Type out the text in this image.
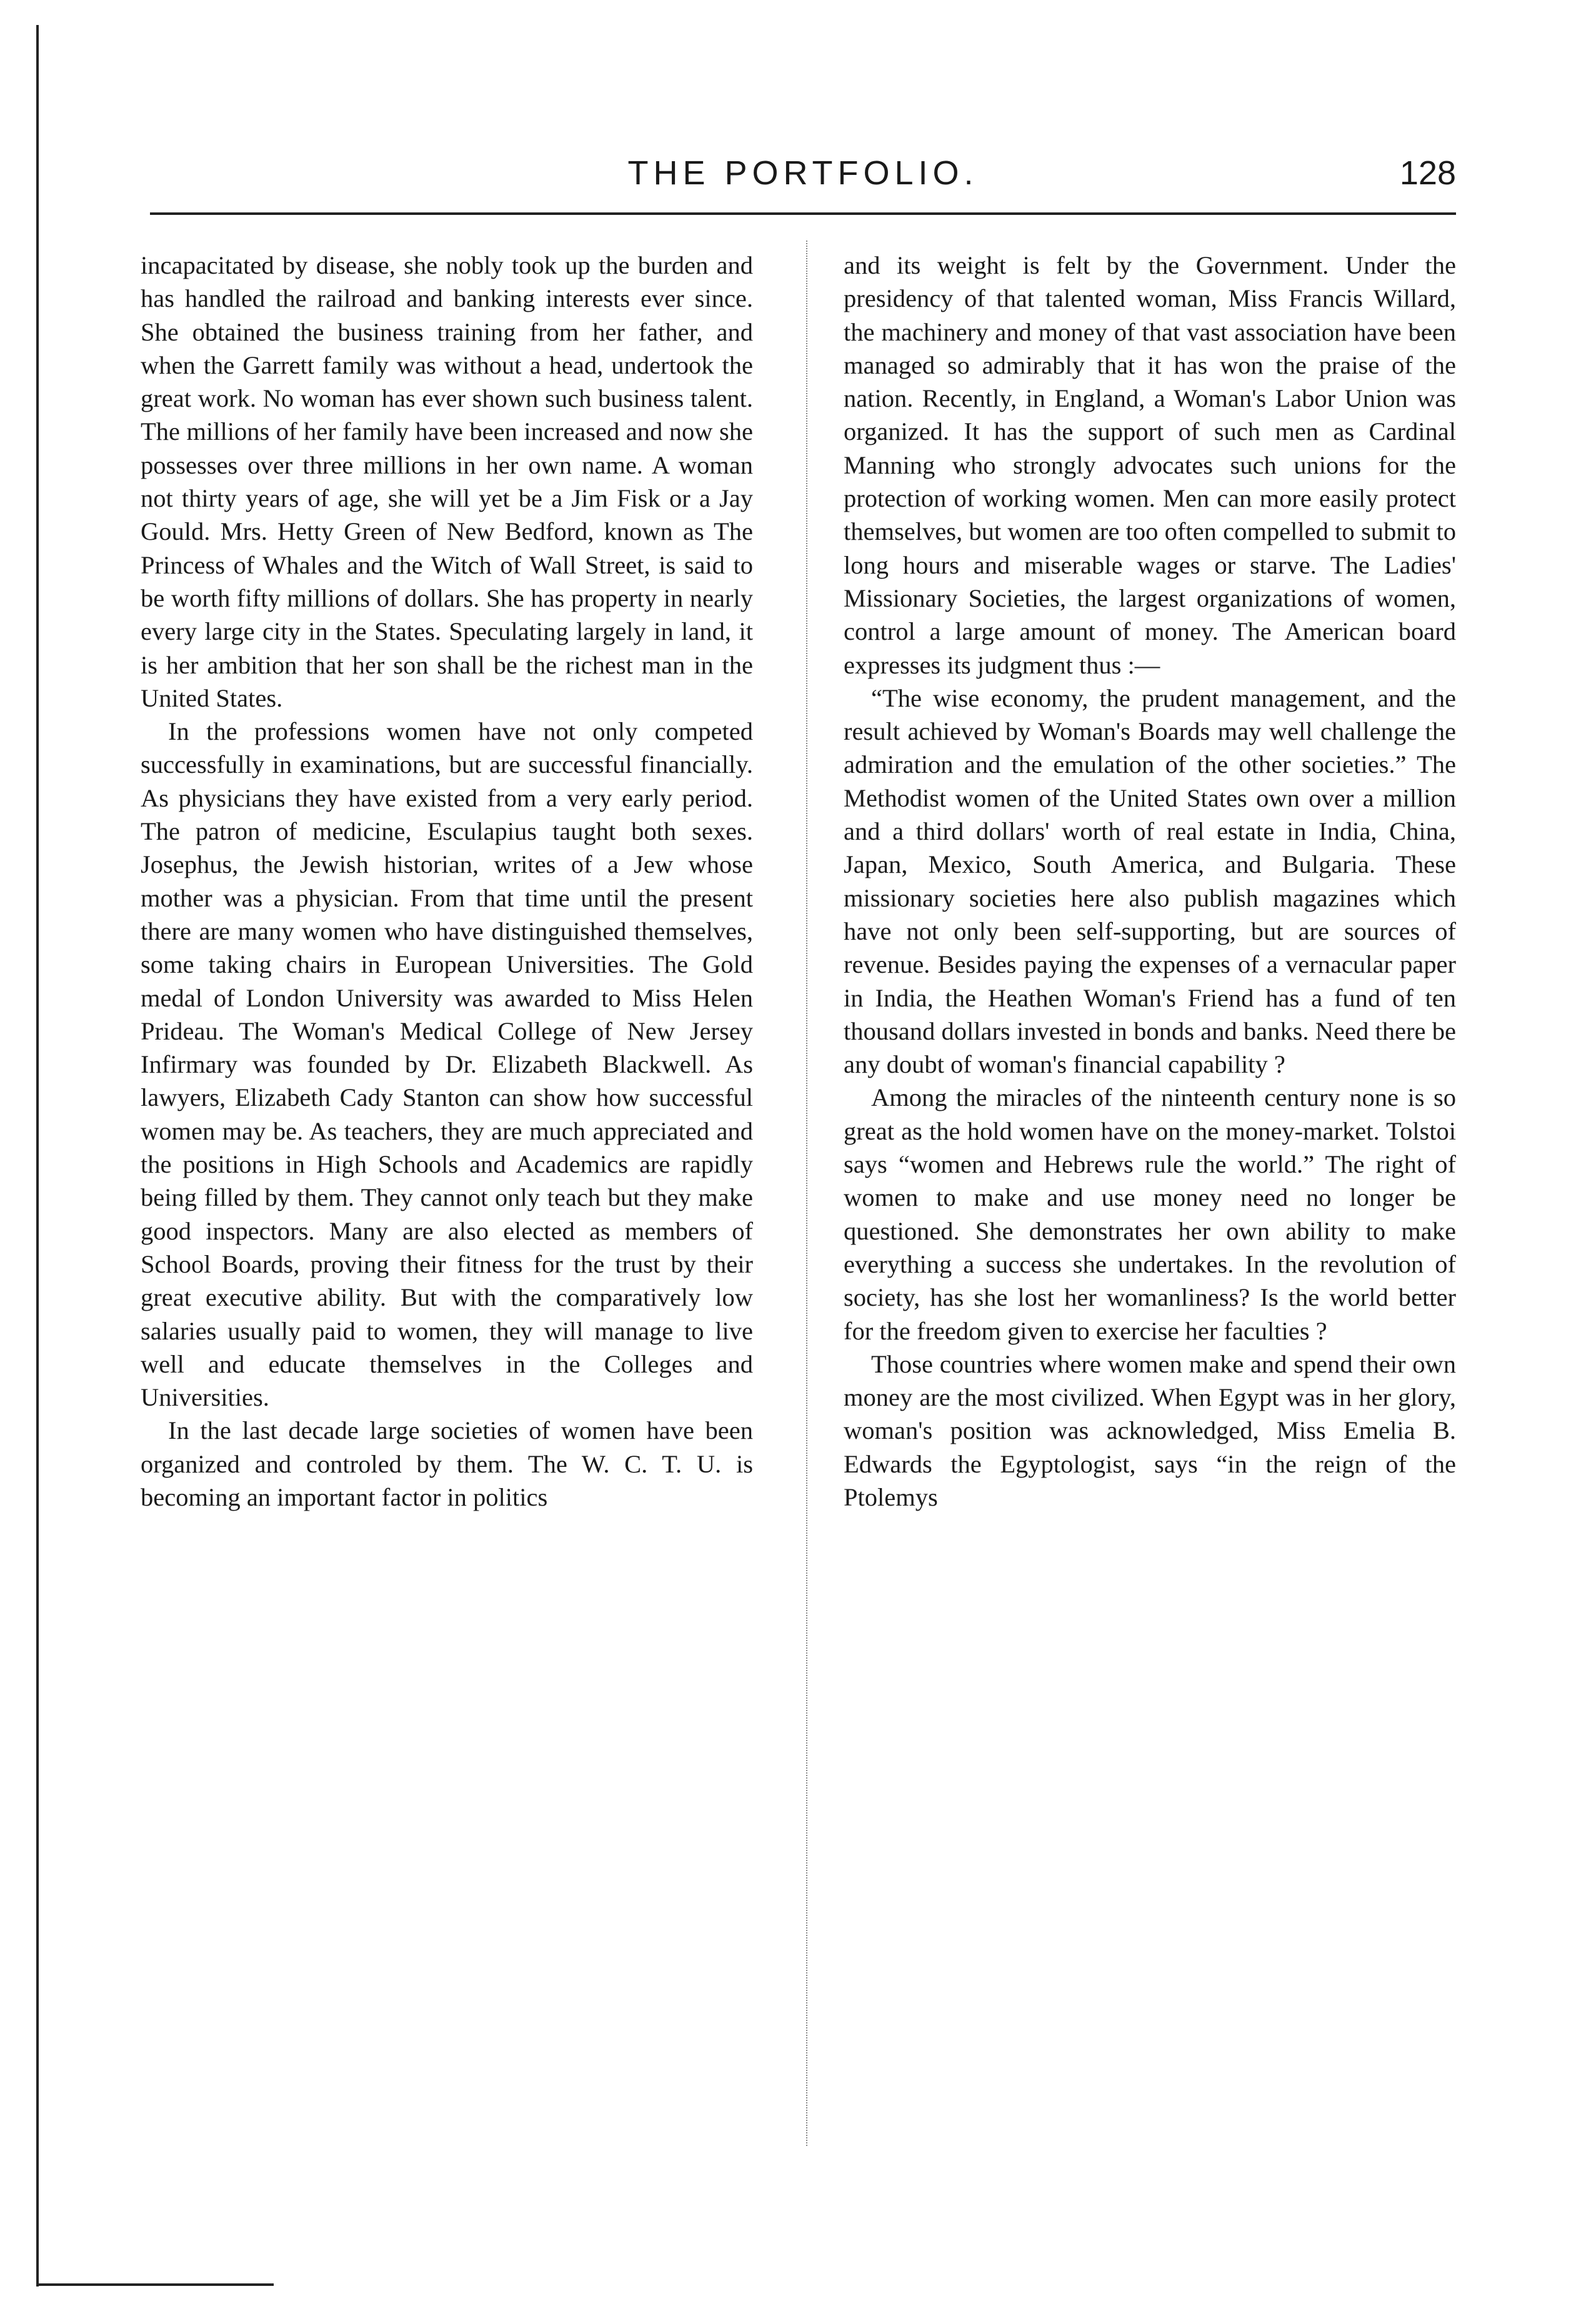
THE PORTFOLIO.	128

incapacitated by disease, she nobly took up the burden and has handled the railroad and banking interests ever since. She obtained the business training from her father, and when the Garrett family was without a head, undertook the great work. No woman has ever shown such business talent. The millions of her family have been increased and now she possesses over three millions in her own name. A woman not thirty years of age, she will yet be a Jim Fisk or a Jay Gould. Mrs. Hetty Green of New Bedford, known as The Princess of Whales and the Witch of Wall Street, is said to be worth fifty millions of dollars. She has property in nearly every large city in the States. Speculating largely in land, it is her ambition that her son shall be the richest man in the United States.

In the professions women have not only competed successfully in examinations, but are successful financially. As physicians they have existed from a very early period. The patron of medicine, Esculapius taught both sexes. Josephus, the Jewish historian, writes of a Jew whose mother was a physician. From that time until the present there are many women who have distinguished themselves, some taking chairs in European Universities. The Gold medal of London University was awarded to Miss Helen Prideau. The Woman's Medical College of New Jersey Infirmary was founded by Dr. Elizabeth Blackwell. As lawyers, Elizabeth Cady Stanton can show how successful women may be. As teachers, they are much appreciated and the positions in High Schools and Academics are rapidly being filled by them. They cannot only teach but they make good inspectors. Many are also elected as members of School Boards, proving their fitness for the trust by their great executive ability. But with the comparatively low salaries usually paid to women, they will manage to live well and educate themselves in the Colleges and Universities.

In the last decade large societies of women have been organized and controled by them. The W. C. T. U. is becoming an important factor in politics

and its weight is felt by the Government. Under the presidency of that talented woman, Miss Francis Willard, the machinery and money of that vast association have been managed so admirably that it has won the praise of the nation. Recently, in England, a Woman's Labor Union was organized. It has the support of such men as Cardinal Manning who strongly advocates such unions for the protection of working women. Men can more easily protect themselves, but women are too often compelled to submit to long hours and miserable wages or starve. The Ladies' Missionary Societies, the largest organizations of women, control a large amount of money. The American board expresses its judgment thus :—

“The wise economy, the prudent management, and the result achieved by Woman's Boards may well challenge the admiration and the emulation of the other societies.” The Methodist women of the United States own over a million and a third dollars' worth of real estate in India, China, Japan, Mexico, South America, and Bulgaria. These missionary societies here also publish magazines which have not only been self-supporting, but are sources of revenue. Besides paying the expenses of a vernacular paper in India, the Heathen Woman's Friend has a fund of ten thousand dollars invested in bonds and banks. Need there be any doubt of woman's financial capability ?

Among the miracles of the ninteenth century none is so great as the hold women have on the money-market. Tolstoi says “women and Hebrews rule the world.” The right of women to make and use money need no longer be questioned. She demonstrates her own ability to make everything a success she undertakes. In the revolution of society, has she lost her womanliness? Is the world better for the freedom given to exercise her faculties ?

Those countries where women make and spend their own money are the most civilized. When Egypt was in her glory, woman's position was acknowledged, Miss Emelia B. Edwards the Egyptologist, says “in the reign of the Ptolemys
